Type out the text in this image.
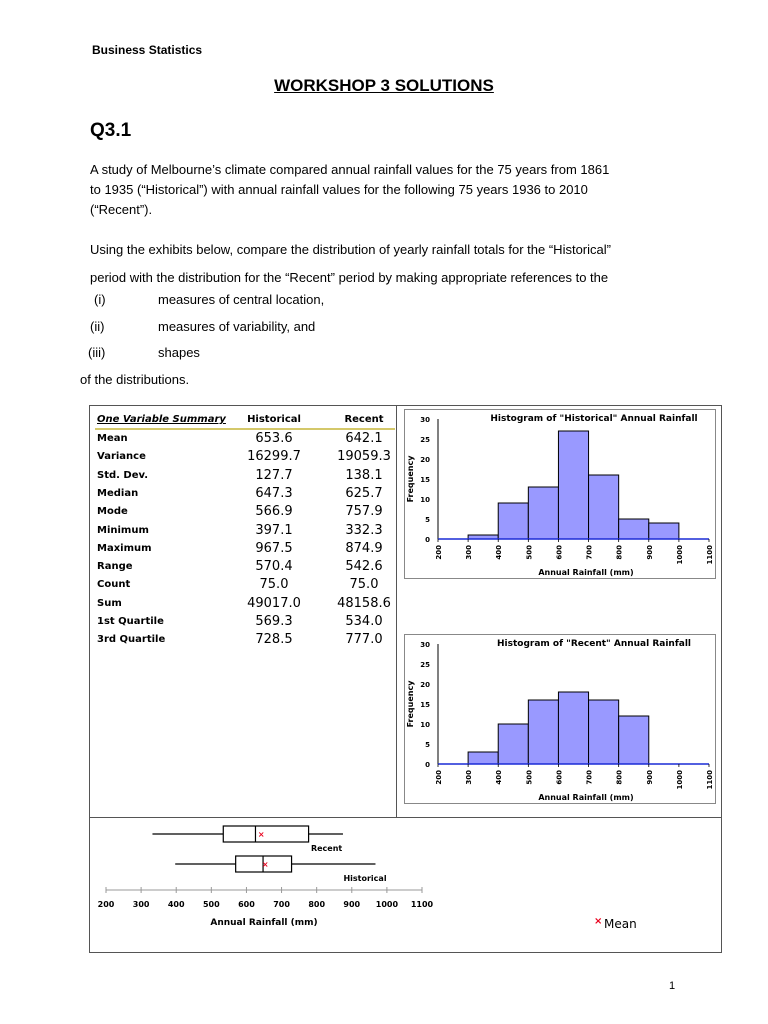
Business Statistics
WORKSHOP 3 SOLUTIONS
Q3.1
A study of Melbourne’s climate compared annual rainfall values for the 75 years from 1861
to 1935 (“Historical”) with annual rainfall values for the following 75 years 1936 to 2010
(“Recent”).
Using the exhibits below, compare the distribution of yearly rainfall totals for the “Historical”
period with the distribution for the “Recent” period by making appropriate references to the
(i)	measures of central location,
(ii)	measures of variability, and
(iii)	shapes
of the distributions.
One Variable Summary	Historical	Recent
Mean	653.6	642.1
Variance	16299.7	19059.3
Std. Dev.	127.7	138.1
Median	647.3	625.7
Mode	566.9	757.9
Minimum	397.1	332.3
Maximum	967.5	874.9
Range	570.4	542.6
Count	75.0	75.0
Sum	49017.0	48158.6
1st Quartile	569.3	534.0
3rd Quartile	728.5	777.0
Histogram of "Historical" Annual Rainfall
0
5
10
15
20
25
30
200	300	400	500	600	700	800	900	1000	1100
Frequency
Annual Rainfall (mm)
Histogram of "Recent" Annual Rainfall
0
5
10
15
20
25
30
200	300	400	500	600	700	800	900	1000	1100
Frequency
Annual Rainfall (mm)
200 300 400 500 600 700 800 900 1000 1100
Annual Rainfall (mm)
×
Recent
×
Historical
× Mean
1
